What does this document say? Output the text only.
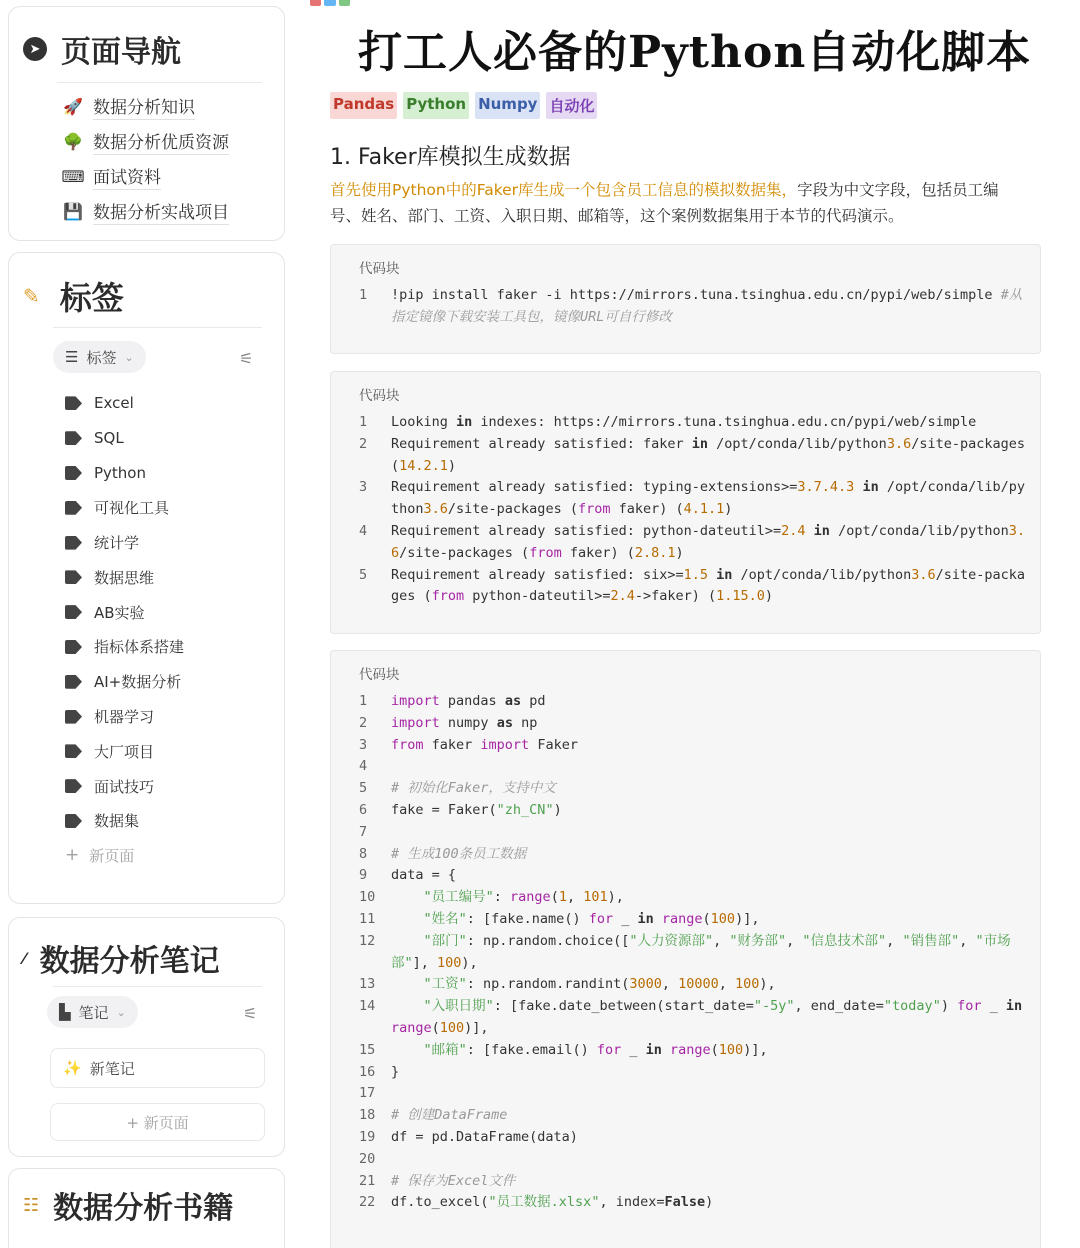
➤ 页面导航
🚀 数据分析知识
🌳 数据分析优质资源
⌨ 面试资料
💾 数据分析实战项目
✎ 标签
☰ 标签 ⌄	⚟
Excel
SQL
Python
可视化工具
统计学
数据思维
AB实验
指标体系搭建
AI+数据分析
机器学习
大厂项目
面试技巧
数据集
+ 新页面
⁄ 数据分析笔记
▙ 笔记 ⌄	⚟
✨ 新笔记
+ 新页面
☷ 数据分析书籍
打工人必备的Python自动化脚本
Pandas Python Numpy 自动化
1. Faker库模拟生成数据

首先使用Python中的Faker库生成一个包含员工信息的模拟数据集，字段为中文字段，包括员工编号、姓名、部门、工资、入职日期、邮箱等，这个案例数据集用于本节的代码演示。

代码块
1	!pip install faker -i https://mirrors.tuna.tsinghua.edu.cn/pypi/web/simple #从指定镜像下载安装工具包，镜像URL可自行修改
代码块
1	Looking in indexes: https://mirrors.tuna.tsinghua.edu.cn/pypi/web/simple
2	Requirement already satisfied: faker in /opt/conda/lib/python3.6/site-packages (14.2.1)
3	Requirement already satisfied: typing-extensions>=3.7.4.3 in /opt/conda/lib/python3.6/site-packages (from faker) (4.1.1)
4	Requirement already satisfied: python-dateutil>=2.4 in /opt/conda/lib/python3.6/site-packages (from faker) (2.8.1)
5	Requirement already satisfied: six>=1.5 in /opt/conda/lib/python3.6/site-packages (from python-dateutil>=2.4->faker) (1.15.0)
代码块
1	import pandas as pd
2	import numpy as np
3	from faker import Faker
4
5	# 初始化Faker，支持中文
6	fake = Faker("zh_CN")
7
8	# 生成100条员工数据
9	data = {
10	"员工编号": range(1, 101),
11	"姓名": [fake.name() for _ in range(100)],
12	"部门": np.random.choice(["人力资源部", "财务部", "信息技术部", "销售部", "市场部"], 100),
13	"工资": np.random.randint(3000, 10000, 100),
14	"入职日期": [fake.date_between(start_date="-5y", end_date="today") for _ in range(100)],
15	"邮箱": [fake.email() for _ in range(100)],
16 }
17
18 # 创建DataFrame
19 df = pd.DataFrame(data)
20
21 # 保存为Excel文件
22 df.to_excel("员工数据.xlsx", index=False)
